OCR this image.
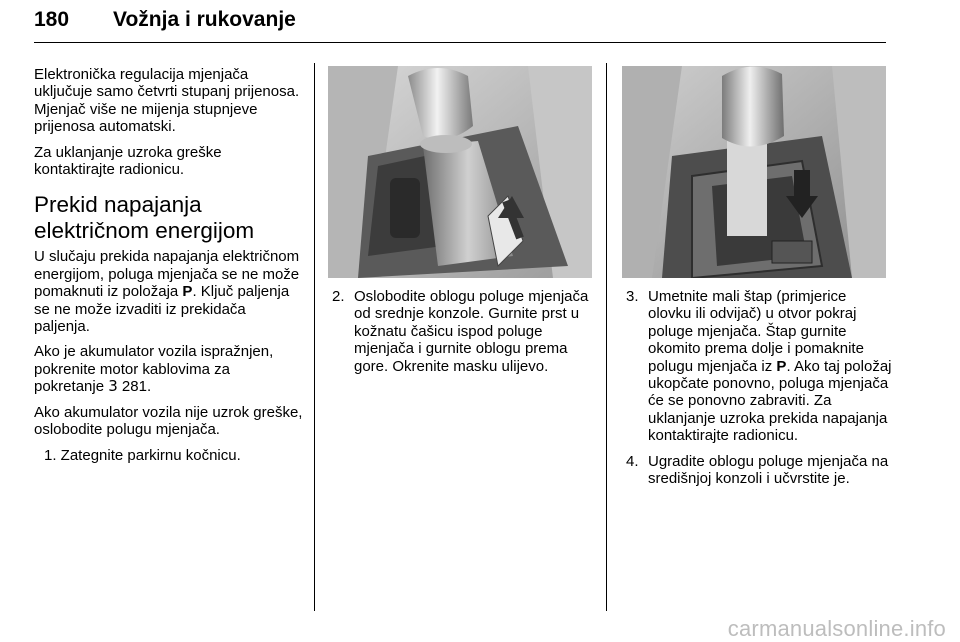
180 Vožnja i rukovanje

Elektronička regulacija mjenjača uključuje samo četvrti stupanj prijenosa. Mjenjač više ne mijenja stupnjeve prijenosa automatski.

Za uklanjanje uzroka greške kontaktirajte radionicu.

Prekid napajanja električnom energijom

U slučaju prekida napajanja električnom energijom, poluga mjenjača se ne može pomaknuti iz položaja P. Ključ paljenja se ne može izvaditi iz prekidača paljenja.

Ako je akumulator vozila ispražnjen, pokrenite motor kablovima za pokretanje 3 281.

Ako akumulator vozila nije uzrok greške, oslobodite polugu mjenjača.

1. Zategnite parkirnu kočnicu.

2. Oslobodite oblogu poluge mjenjača od srednje konzole. Gurnite prst u kožnatu čašicu ispod poluge mjenjača i gurnite oblogu prema gore. Okrenite masku ulijevo.
3. Umetnite mali štap (primjerice olovku ili odvijač) u otvor pokraj poluge mjenjača. Štap gurnite okomito prema dolje i pomaknite polugu mjenjača iz P. Ako taj položaj ukopčate ponovno, poluga mjenjača će se ponovno zabraviti. Za uklanjanje uzroka prekida napajanja kontaktirajte radionicu.
4. Ugradite oblogu poluge mjenjača na središnjoj konzoli i učvrstite je.
carmanualsonline.info
